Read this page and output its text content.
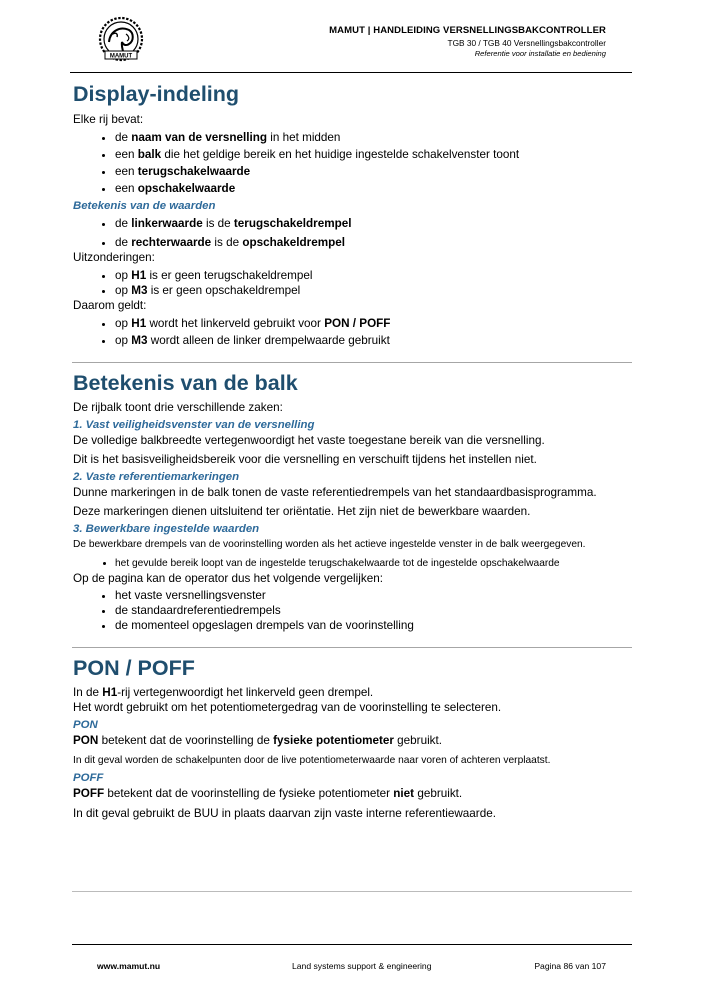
MAMUT
MAMUT | HANDLEIDING VERSNELLINGSBAKCONTROLLER
TGB 30 / TGB 40 Versnellingsbakcontroller
Referentie voor installatie en bediening
Display-indeling

Elke rij bevat:

• de naam van de versnelling in het midden
• een balk die het geldige bereik en het huidige ingestelde schakelvenster toont
• een terugschakelwaarde
• een opschakelwaarde
Betekenis van de waarden
• de linkerwaarde is de terugschakeldrempel
• de rechterwaarde is de opschakeldrempel

Uitzonderingen:

• op H1 is er geen terugschakeldrempel
• op M3 is er geen opschakeldrempel

Daarom geldt:

• op H1 wordt het linkerveld gebruikt voor PON / POFF
• op M3 wordt alleen de linker drempelwaarde gebruikt
Betekenis van de balk

De rijbalk toont drie verschillende zaken:

1. Vast veiligheidsvenster van de versnelling

De volledige balkbreedte vertegenwoordigt het vaste toegestane bereik van die versnelling.

Dit is het basisveiligheidsbereik voor die versnelling en verschuift tijdens het instellen niet.

2. Vaste referentiemarkeringen

Dunne markeringen in de balk tonen de vaste referentiedrempels van het standaardbasisprogramma.

Deze markeringen dienen uitsluitend ter oriëntatie. Het zijn niet de bewerkbare waarden.

3. Bewerkbare ingestelde waarden

De bewerkbare drempels van de voorinstelling worden als het actieve ingestelde venster in de balk weergegeven.

• het gevulde bereik loopt van de ingestelde terugschakelwaarde tot de ingestelde opschakelwaarde

Op de pagina kan de operator dus het volgende vergelijken:

• het vaste versnellingsvenster
• de standaardreferentiedrempels
• de momenteel opgeslagen drempels van de voorinstelling
PON / POFF

In de H1-rij vertegenwoordigt het linkerveld geen drempel.

Het wordt gebruikt om het potentiometergedrag van de voorinstelling te selecteren.

PON

PON betekent dat de voorinstelling de fysieke potentiometer gebruikt.

In dit geval worden de schakelpunten door de live potentiometerwaarde naar voren of achteren verplaatst.

POFF

POFF betekent dat de voorinstelling de fysieke potentiometer niet gebruikt.

In dit geval gebruikt de BUU in plaats daarvan zijn vaste interne referentiewaarde.

www.mamut.nu	Land systems support & engineering	Pagina 86 van 107
